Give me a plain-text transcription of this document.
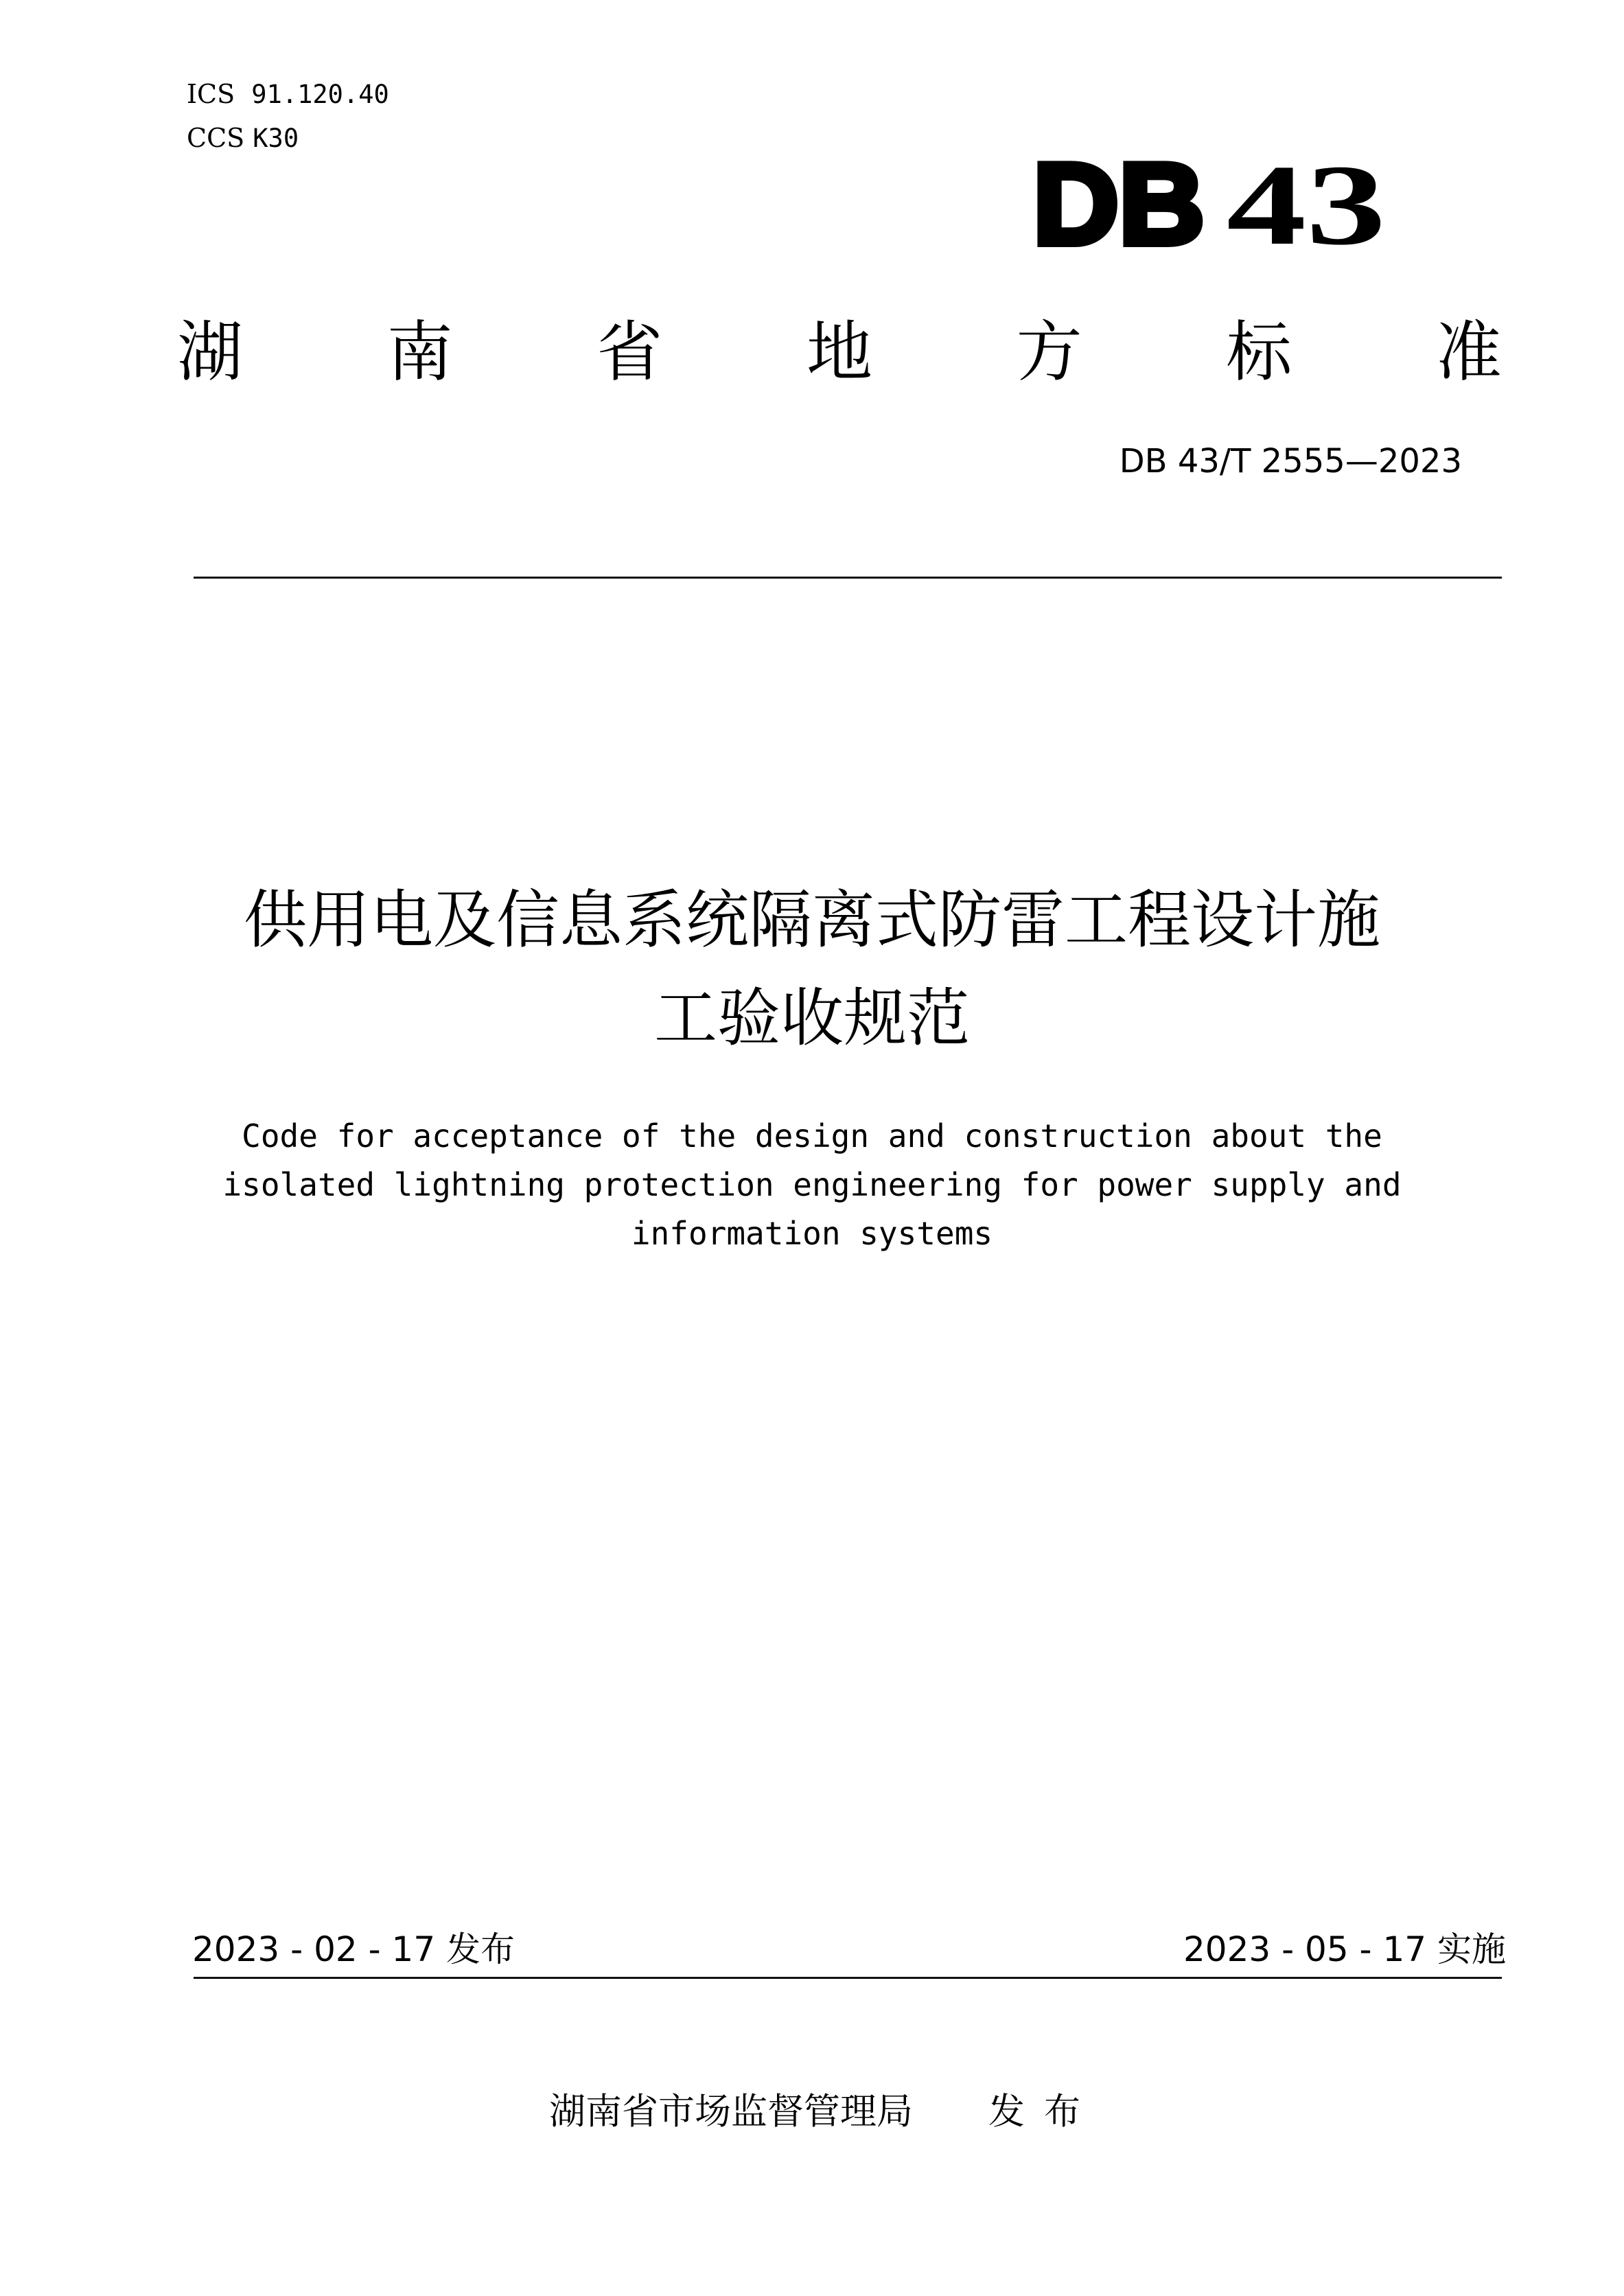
ICS 91.120.40
CCS K30
DB 43
湖 南 省 地 方 标 准
DB 43/T 2555—2023
供用电及信息系统隔离式防雷工程设计施
工验收规范
Code for acceptance of the design and construction about the
isolated lightning protection engineering for power supply and
information systems
2023 - 02 - 17 发布	2023 - 05 - 17 实施
湖南省市场监督管理局 发布
